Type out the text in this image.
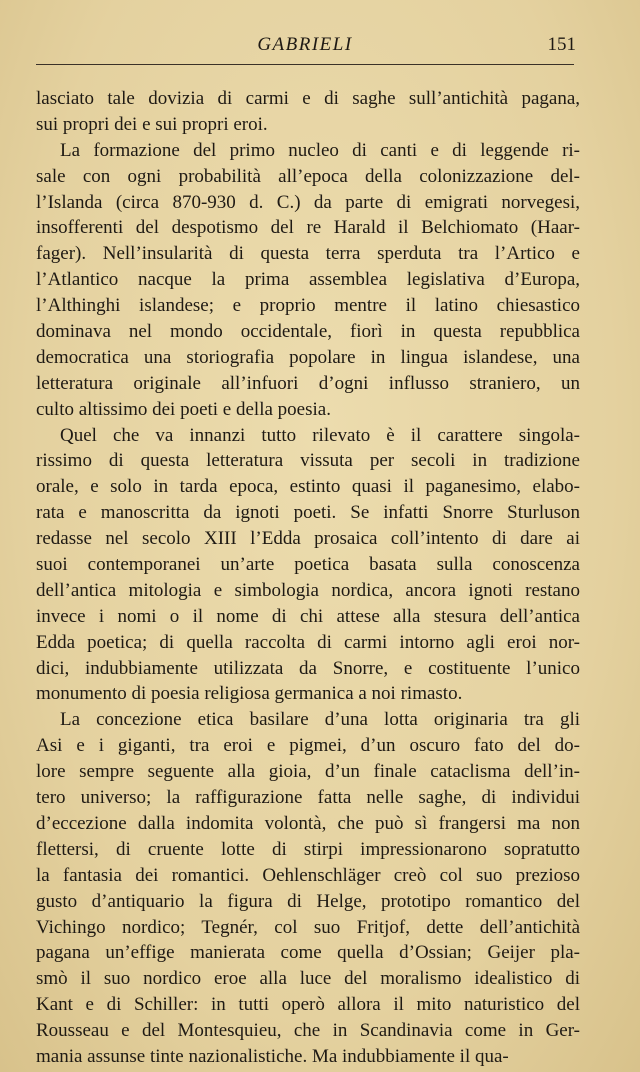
GABRIELI	151

lasciato tale dovizia di carmi e di saghe sull’antichità pagana,
sui propri dei e sui propri eroi.

La formazione del primo nucleo di canti e di leggende ri-
sale con ogni probabilità all’epoca della colonizzazione del-
l’Islanda (circa 870-930 d. C.) da parte di emigrati norvegesi,
insofferenti del despotismo del re Harald il Belchiomato (Haar-
fager). Nell’insularità di questa terra sperduta tra l’Artico e
l’Atlantico nacque la prima assemblea legislativa d’Europa,
l’Althinghi islandese; e proprio mentre il latino chiesastico
dominava nel mondo occidentale, fiorì in questa repubblica
democratica una storiografia popolare in lingua islandese, una
letteratura originale all’infuori d’ogni influsso straniero, un
culto altissimo dei poeti e della poesia.

Quel che va innanzi tutto rilevato è il carattere singola-
rissimo di questa letteratura vissuta per secoli in tradizione
orale, e solo in tarda epoca, estinto quasi il paganesimo, elabo-
rata e manoscritta da ignoti poeti. Se infatti Snorre Sturluson
redasse nel secolo XIII l’Edda prosaica coll’intento di dare ai
suoi contemporanei un’arte poetica basata sulla conoscenza
dell’antica mitologia e simbologia nordica, ancora ignoti restano
invece i nomi o il nome di chi attese alla stesura dell’antica
Edda poetica; di quella raccolta di carmi intorno agli eroi nor-
dici, indubbiamente utilizzata da Snorre, e costituente l’unico
monumento di poesia religiosa germanica a noi rimasto.

La concezione etica basilare d’una lotta originaria tra gli
Asi e i giganti, tra eroi e pigmei, d’un oscuro fato del do-
lore sempre seguente alla gioia, d’un finale cataclisma dell’in-
tero universo; la raffigurazione fatta nelle saghe, di individui
d’eccezione dalla indomita volontà, che può sì frangersi ma non
flettersi, di cruente lotte di stirpi impressionarono sopratutto
la fantasia dei romantici. Oehlenschläger creò col suo prezioso
gusto d’antiquario la figura di Helge, prototipo romantico del
Vichingo nordico; Tegnér, col suo Fritjof, dette dell’antichità
pagana un’effige manierata come quella d’Ossian; Geijer pla-
smò il suo nordico eroe alla luce del moralismo idealistico di
Kant e di Schiller: in tutti operò allora il mito naturistico del
Rousseau e del Montesquieu, che in Scandinavia come in Ger-
mania assunse tinte nazionalistiche. Ma indubbiamente il qua-
